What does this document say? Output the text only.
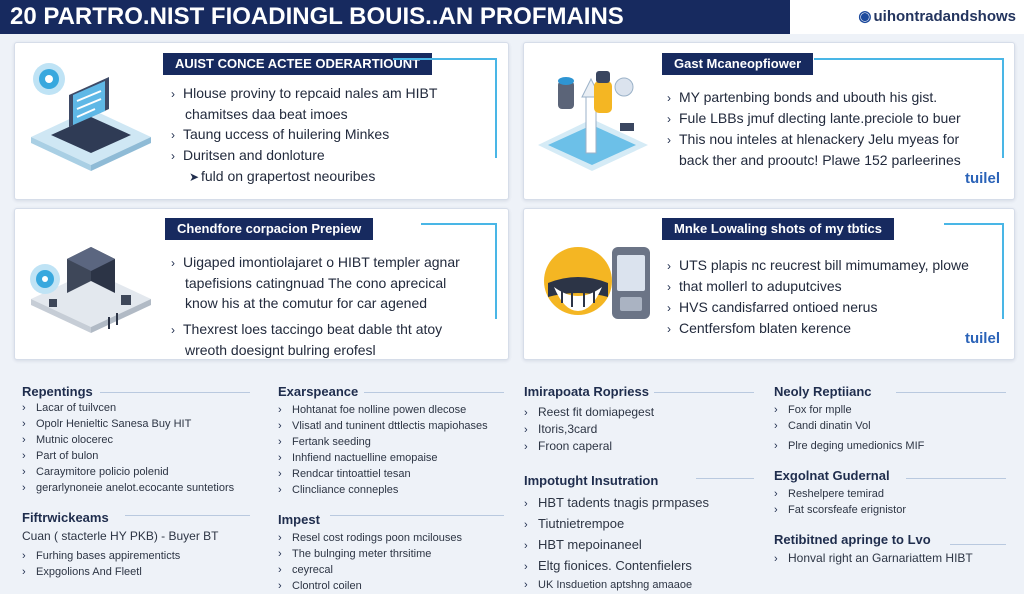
20 PARTRO.NIST FIOADINGL BOUIS..AN PROFMAINS	◉ uihontradandshows
AUIST CONCE ACTEE ODERARTIOUNT
› Hlouse proviny to repcaid nales am HIBT
chamitses daa beat imoes
› Taung uccess of huilering Minkes
› Duritsen and donloture
➤ fuld on grapertost neouribes
Gast Mcaneopfiower
› MY partenbing bonds and ubouth his gist.
› Fule LBBs jmuf dlecting lante.preciole to buer
› This nou inteles at hlenackery Jelu myeas for
back ther and prooutc! Plawe 152 parleerines
tuilel
Chendfore corpacion Prepiew
› Uigaped imontiolajaret o HIBT templer agnar
tapefisions catingnuad The cono aprecical
know his at the comutur for car agened
› Thexrest loes taccingo beat dable tht atoy
wreoth doesignt bulring erofesl
Mnke Lowaling shots of my tbtics
› UTS plapis nc reucrest bill mimumamey, plowe
› that mollerl to aduputcives
› HVS candisfarred ontioed nerus
› Centfersfom blaten kerence
tuilel
Repentings
› Lacar of tuilvcen
› Opolr Henieltic Sanesa Buy HIT
› Mutnic olocerec
› Part of bulon
› Caraymitore policio polenid
› gerarlynoneie anelot.ecocante suntetiors
Fiftrwickeams
Cuan ( stacterle HY PKB) - Buyer BT
› Furhing bases appirementicts
› Expgolions And Fleetl
Exarspeance
› Hohtanat foe nolline powen dlecose
› Vlisatl and tuninent dttlectis mapiohases
› Fertank seeding
› Inhfiend nactuelline emopaise
› Rendcar tintoattiel tesan
› Clincliance conneples
Impest
› Resel cost rodings poon mcilouses
› The bulnging meter thrsitime
› ceyrecal
› Clontrol coilen
Imirapoata Ropriess
› Reest fit domiapegest
› Itoris,3card
› Froon caperal
Impotught Insutration
› HBT tadents tnagis prmpases
› Tiutnietrempoe
› HBT mepoinaneel
› Eltg fionices. Contenfielers
› UK Insduetion aptshng amaaoe
Neoly Reptiianc
› Fox for mplle
› Candi dinatin Vol
› Plre deging umedionics MIF
Exgolnat Gudernal
› Reshelpere temirad
› Fat scorsfeafe erignistor
Retibitned apringe to Lvo
› Honval right an Garnariattem HIBT
